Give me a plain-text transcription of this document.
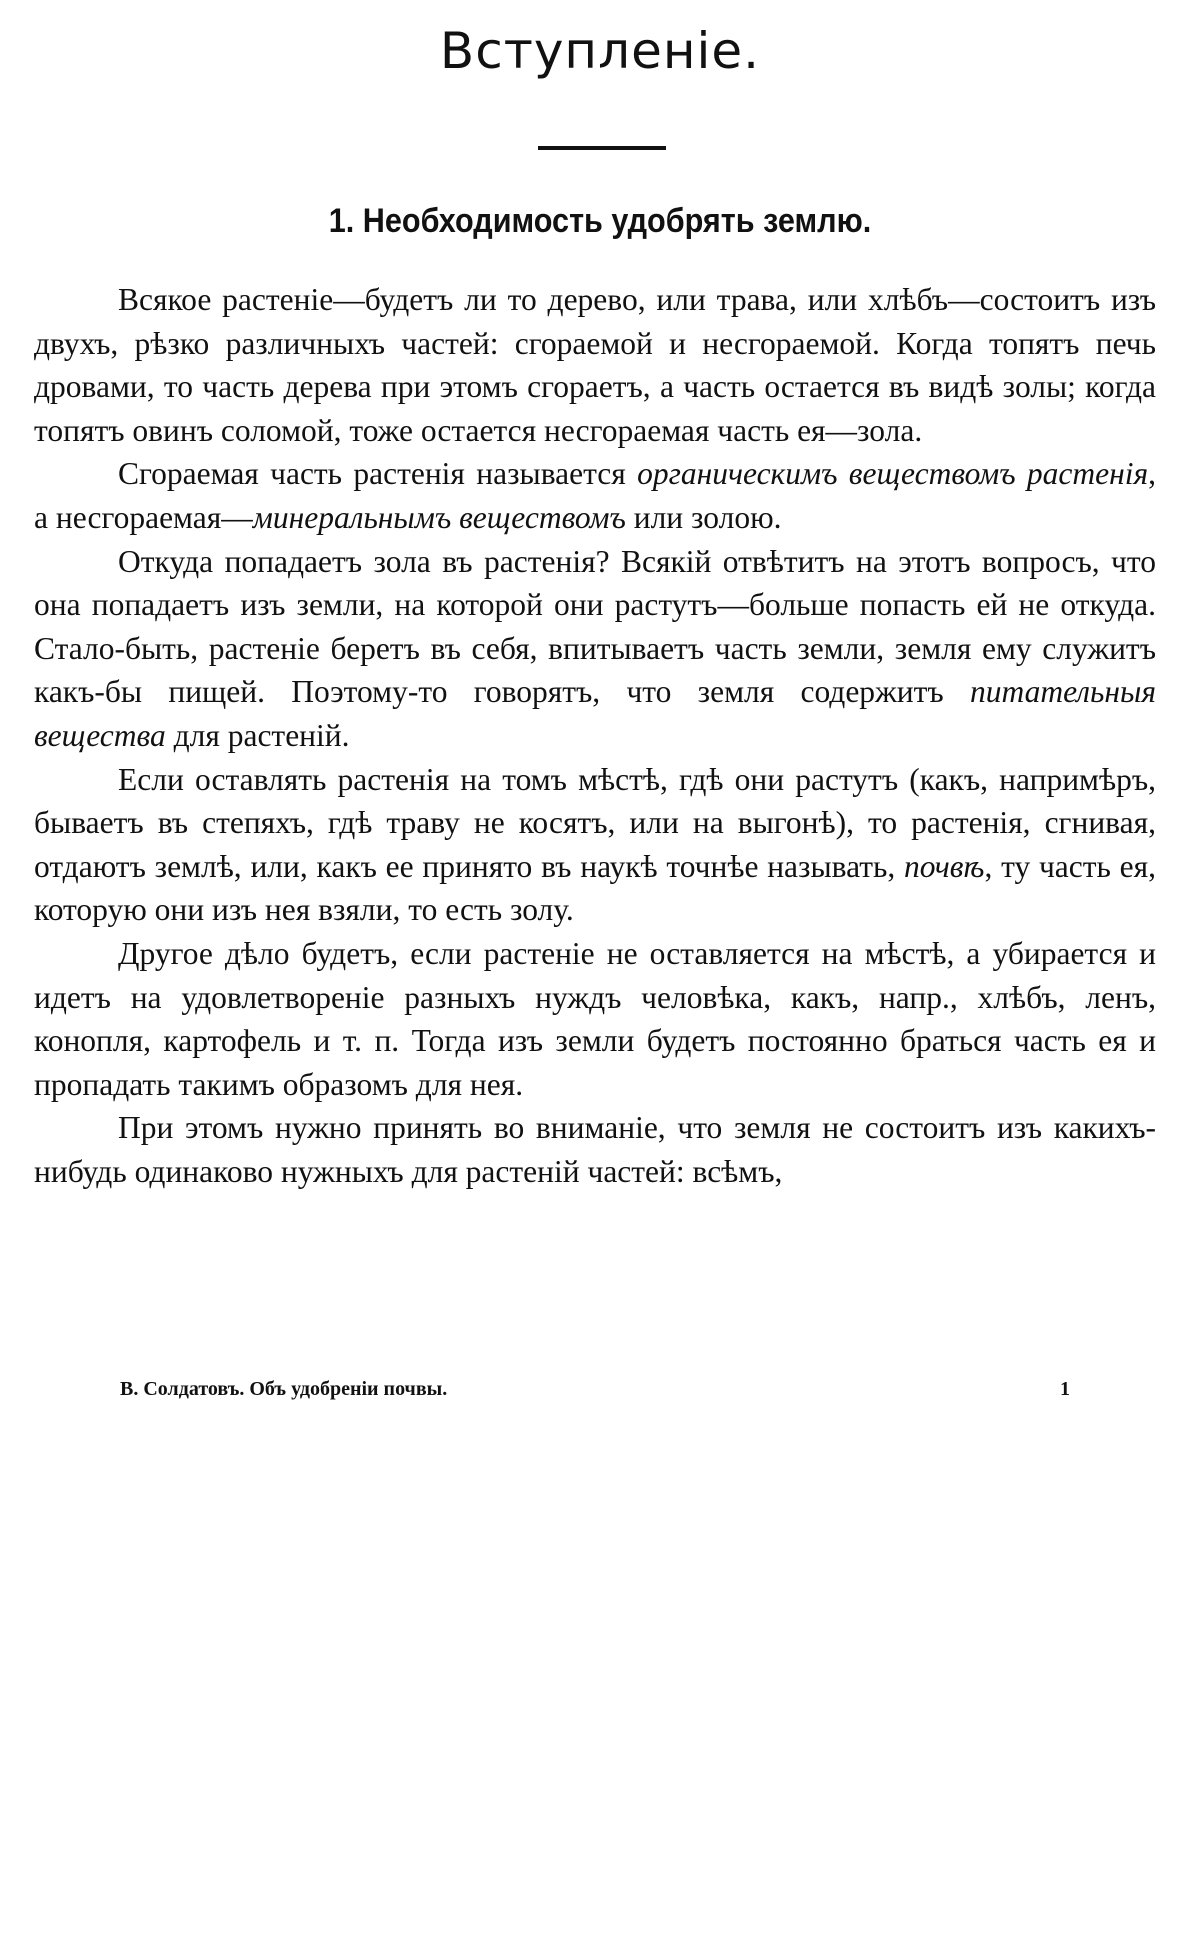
Вступленіе.
1. Необходимость удобрять землю.

Всякое растеніе—будетъ ли то дерево, или трава, или хлѣбъ—состоитъ изъ двухъ, рѣзко различныхъ частей: сгораемой и несгораемой. Когда топятъ печь дровами, то часть дерева при этомъ сгораетъ, а часть остается въ видѣ золы; когда топятъ овинъ соломой, тоже остается несгораемая часть ея—зола.

Сгораемая часть растенія называется органическимъ веществомъ растенія, а несгораемая—минеральнымъ веществомъ или золою.

Откуда попадаетъ зола въ растенія? Всякій отвѣтитъ на этотъ вопросъ, что она попадаетъ изъ земли, на которой они растутъ—больше попасть ей не откуда. Стало-быть, растеніе беретъ въ себя, впитываетъ часть земли, земля ему служитъ какъ-бы пищей. Поэтому-то говорятъ, что земля содержитъ питательныя вещества для растеній.

Если оставлять растенія на томъ мѣстѣ, гдѣ они растутъ (какъ, напримѣръ, бываетъ въ степяхъ, гдѣ траву не косятъ, или на выгонѣ), то растенія, сгнивая, отдаютъ землѣ, или, какъ ее принято въ наукѣ точнѣе называть, почвѣ, ту часть ея, которую они изъ нея взяли, то есть золу.

Другое дѣло будетъ, если растеніе не оставляется на мѣстѣ, а убирается и идетъ на удовлетвореніе разныхъ нуждъ человѣка, какъ, напр., хлѣбъ, ленъ, конопля, картофель и т. п. Тогда изъ земли будетъ постоянно браться часть ея и пропадать такимъ образомъ для нея.

При этомъ нужно принять во вниманіе, что земля не состоитъ изъ какихъ-нибудь одинаково нужныхъ для растеній частей: всѣмъ,

В. Солдатовъ. Объ удобреніи почвы.	1
